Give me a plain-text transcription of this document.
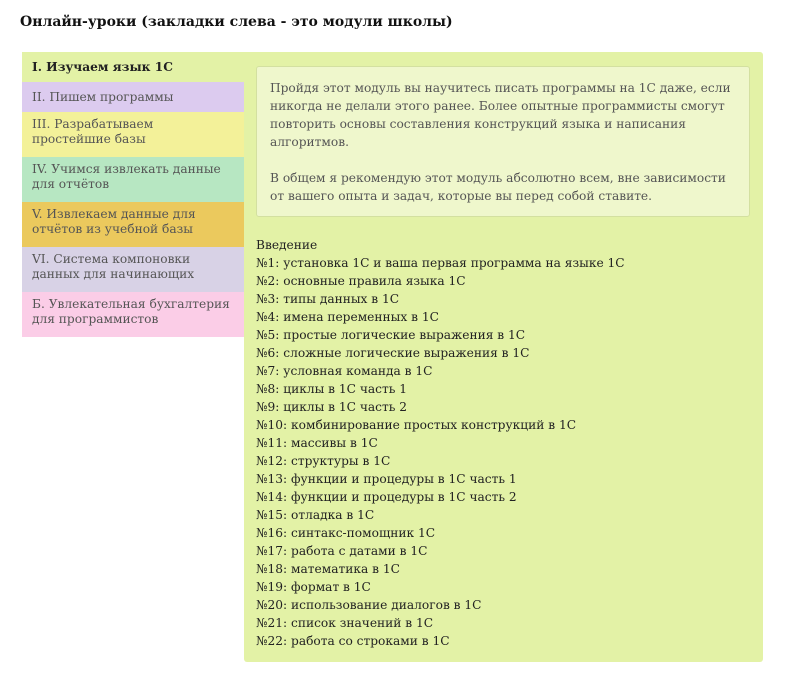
Онлайн-уроки (закладки слева - это модули школы)
I. Изучаем язык 1С
II. Пишем программы
III. Разрабатываем простейшие базы
IV. Учимся извлекать данные для отчётов
V. Извлекаем данные для отчётов из учебной базы
VI. Система компоновки данных для начинающих
Б. Увлекательная бухгалтерия для программистов

Пройдя этот модуль вы научитесь писать программы на 1С даже, если никогда не делали этого ранее. Более опытные программисты смогут повторить основы составления конструкций языка и написания алгоритмов.

В общем я рекомендую этот модуль абсолютно всем, вне зависимости от вашего опыта и задач, которые вы перед собой ставите.

Введение
№1: установка 1С и ваша первая программа на языке 1С
№2: основные правила языка 1С
№3: типы данных в 1С
№4: имена переменных в 1С
№5: простые логические выражения в 1С
№6: сложные логические выражения в 1С
№7: условная команда в 1С
№8: циклы в 1С часть 1
№9: циклы в 1С часть 2
№10: комбинирование простых конструкций в 1С
№11: массивы в 1С
№12: структуры в 1С
№13: функции и процедуры в 1С часть 1
№14: функции и процедуры в 1С часть 2
№15: отладка в 1С
№16: синтакс-помощник 1С
№17: работа с датами в 1С
№18: математика в 1С
№19: формат в 1С
№20: использование диалогов в 1С
№21: список значений в 1С
№22: работа со строками в 1С
